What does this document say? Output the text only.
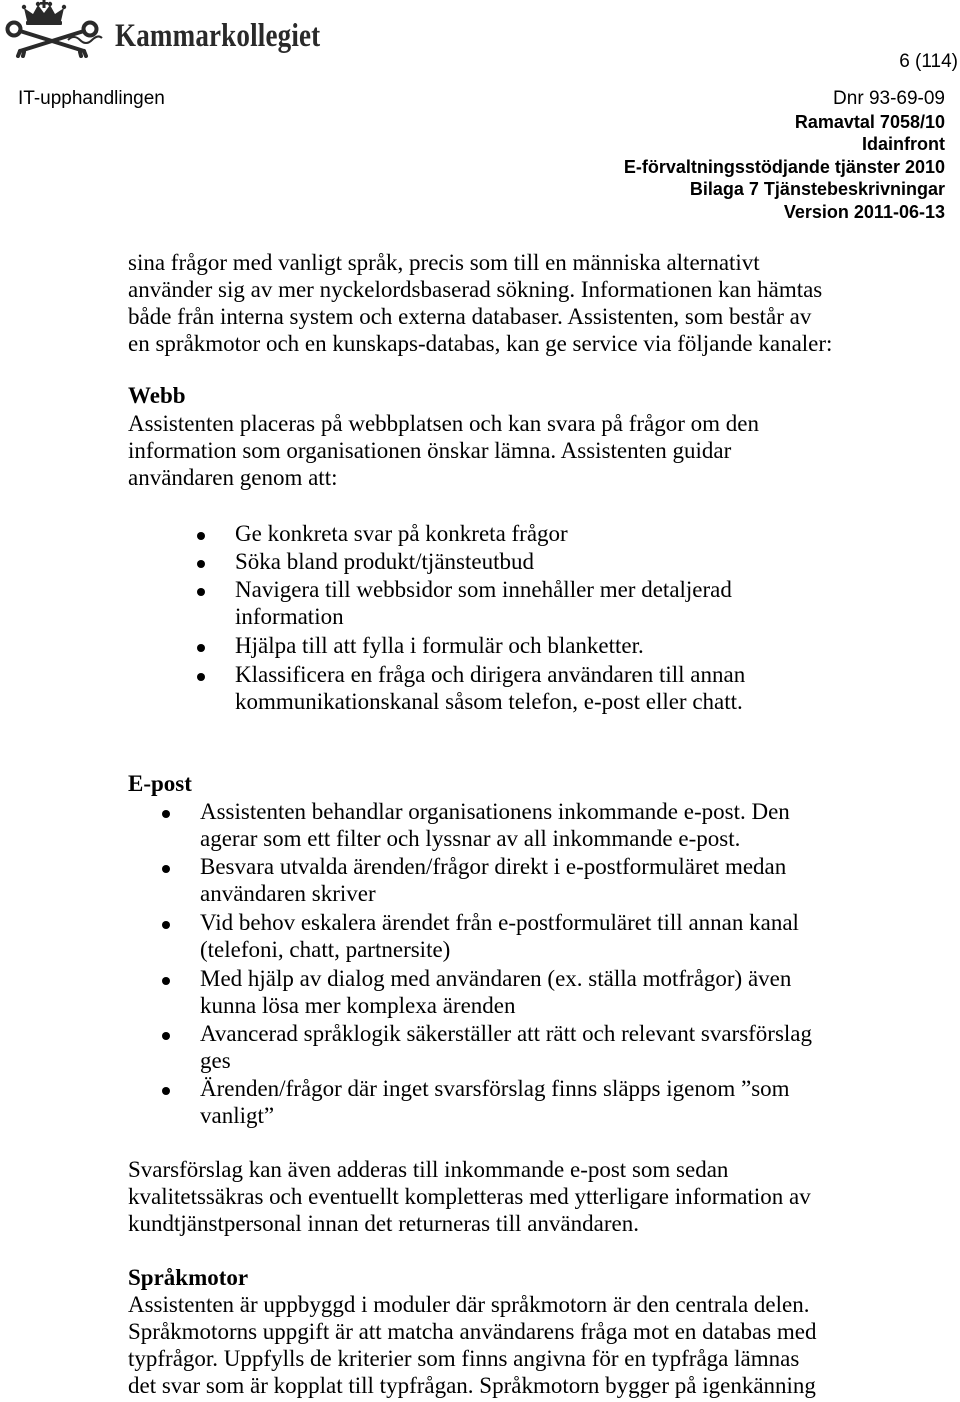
Kammarkollegiet
6 (114)
IT-upphandlingen	Dnr 93-69-09
Ramavtal 7058/10
Idainfront
E-förvaltningsstödjande tjänster 2010
Bilaga 7 Tjänstebeskrivningar
Version 2011-06-13
sina frågor med vanligt språk, precis som till en människa alternativt
använder sig av mer nyckelordsbaserad sökning. Informationen kan hämtas
både från interna system och externa databaser. Assistenten, som består av
en språkmotor och en kunskaps-databas, kan ge service via följande kanaler:
Webb
Assistenten placeras på webbplatsen och kan svara på frågor om den
information som organisationen önskar lämna. Assistenten guidar
användaren genom att:
Ge konkreta svar på konkreta frågor
Söka bland produkt/tjänsteutbud
Navigera till webbsidor som innehåller mer detaljerad
information
Hjälpa till att fylla i formulär och blanketter.
Klassificera en fråga och dirigera användaren till annan
kommunikationskanal såsom telefon, e-post eller chatt.
E-post
Assistenten behandlar organisationens inkommande e-post. Den
agerar som ett filter och lyssnar av all inkommande e-post.
Besvara utvalda ärenden/frågor direkt i e-postformuläret medan
användaren skriver
Vid behov eskalera ärendet från e-postformuläret till annan kanal
(telefoni, chatt, partnersite)
Med hjälp av dialog med användaren (ex. ställa motfrågor) även
kunna lösa mer komplexa ärenden
Avancerad språklogik säkerställer att rätt och relevant svarsförslag
ges
Ärenden/frågor där inget svarsförslag finns släpps igenom ”som
vanligt”
Svarsförslag kan även adderas till inkommande e-post som sedan
kvalitetssäkras och eventuellt kompletteras med ytterligare information av
kundtjänstpersonal innan det returneras till användaren.
Språkmotor
Assistenten är uppbyggd i moduler där språkmotorn är den centrala delen.
Språkmotorns uppgift är att matcha användarens fråga mot en databas med
typfrågor. Uppfylls de kriterier som finns angivna för en typfråga lämnas
det svar som är kopplat till typfrågan. Språkmotorn bygger på igenkänning
